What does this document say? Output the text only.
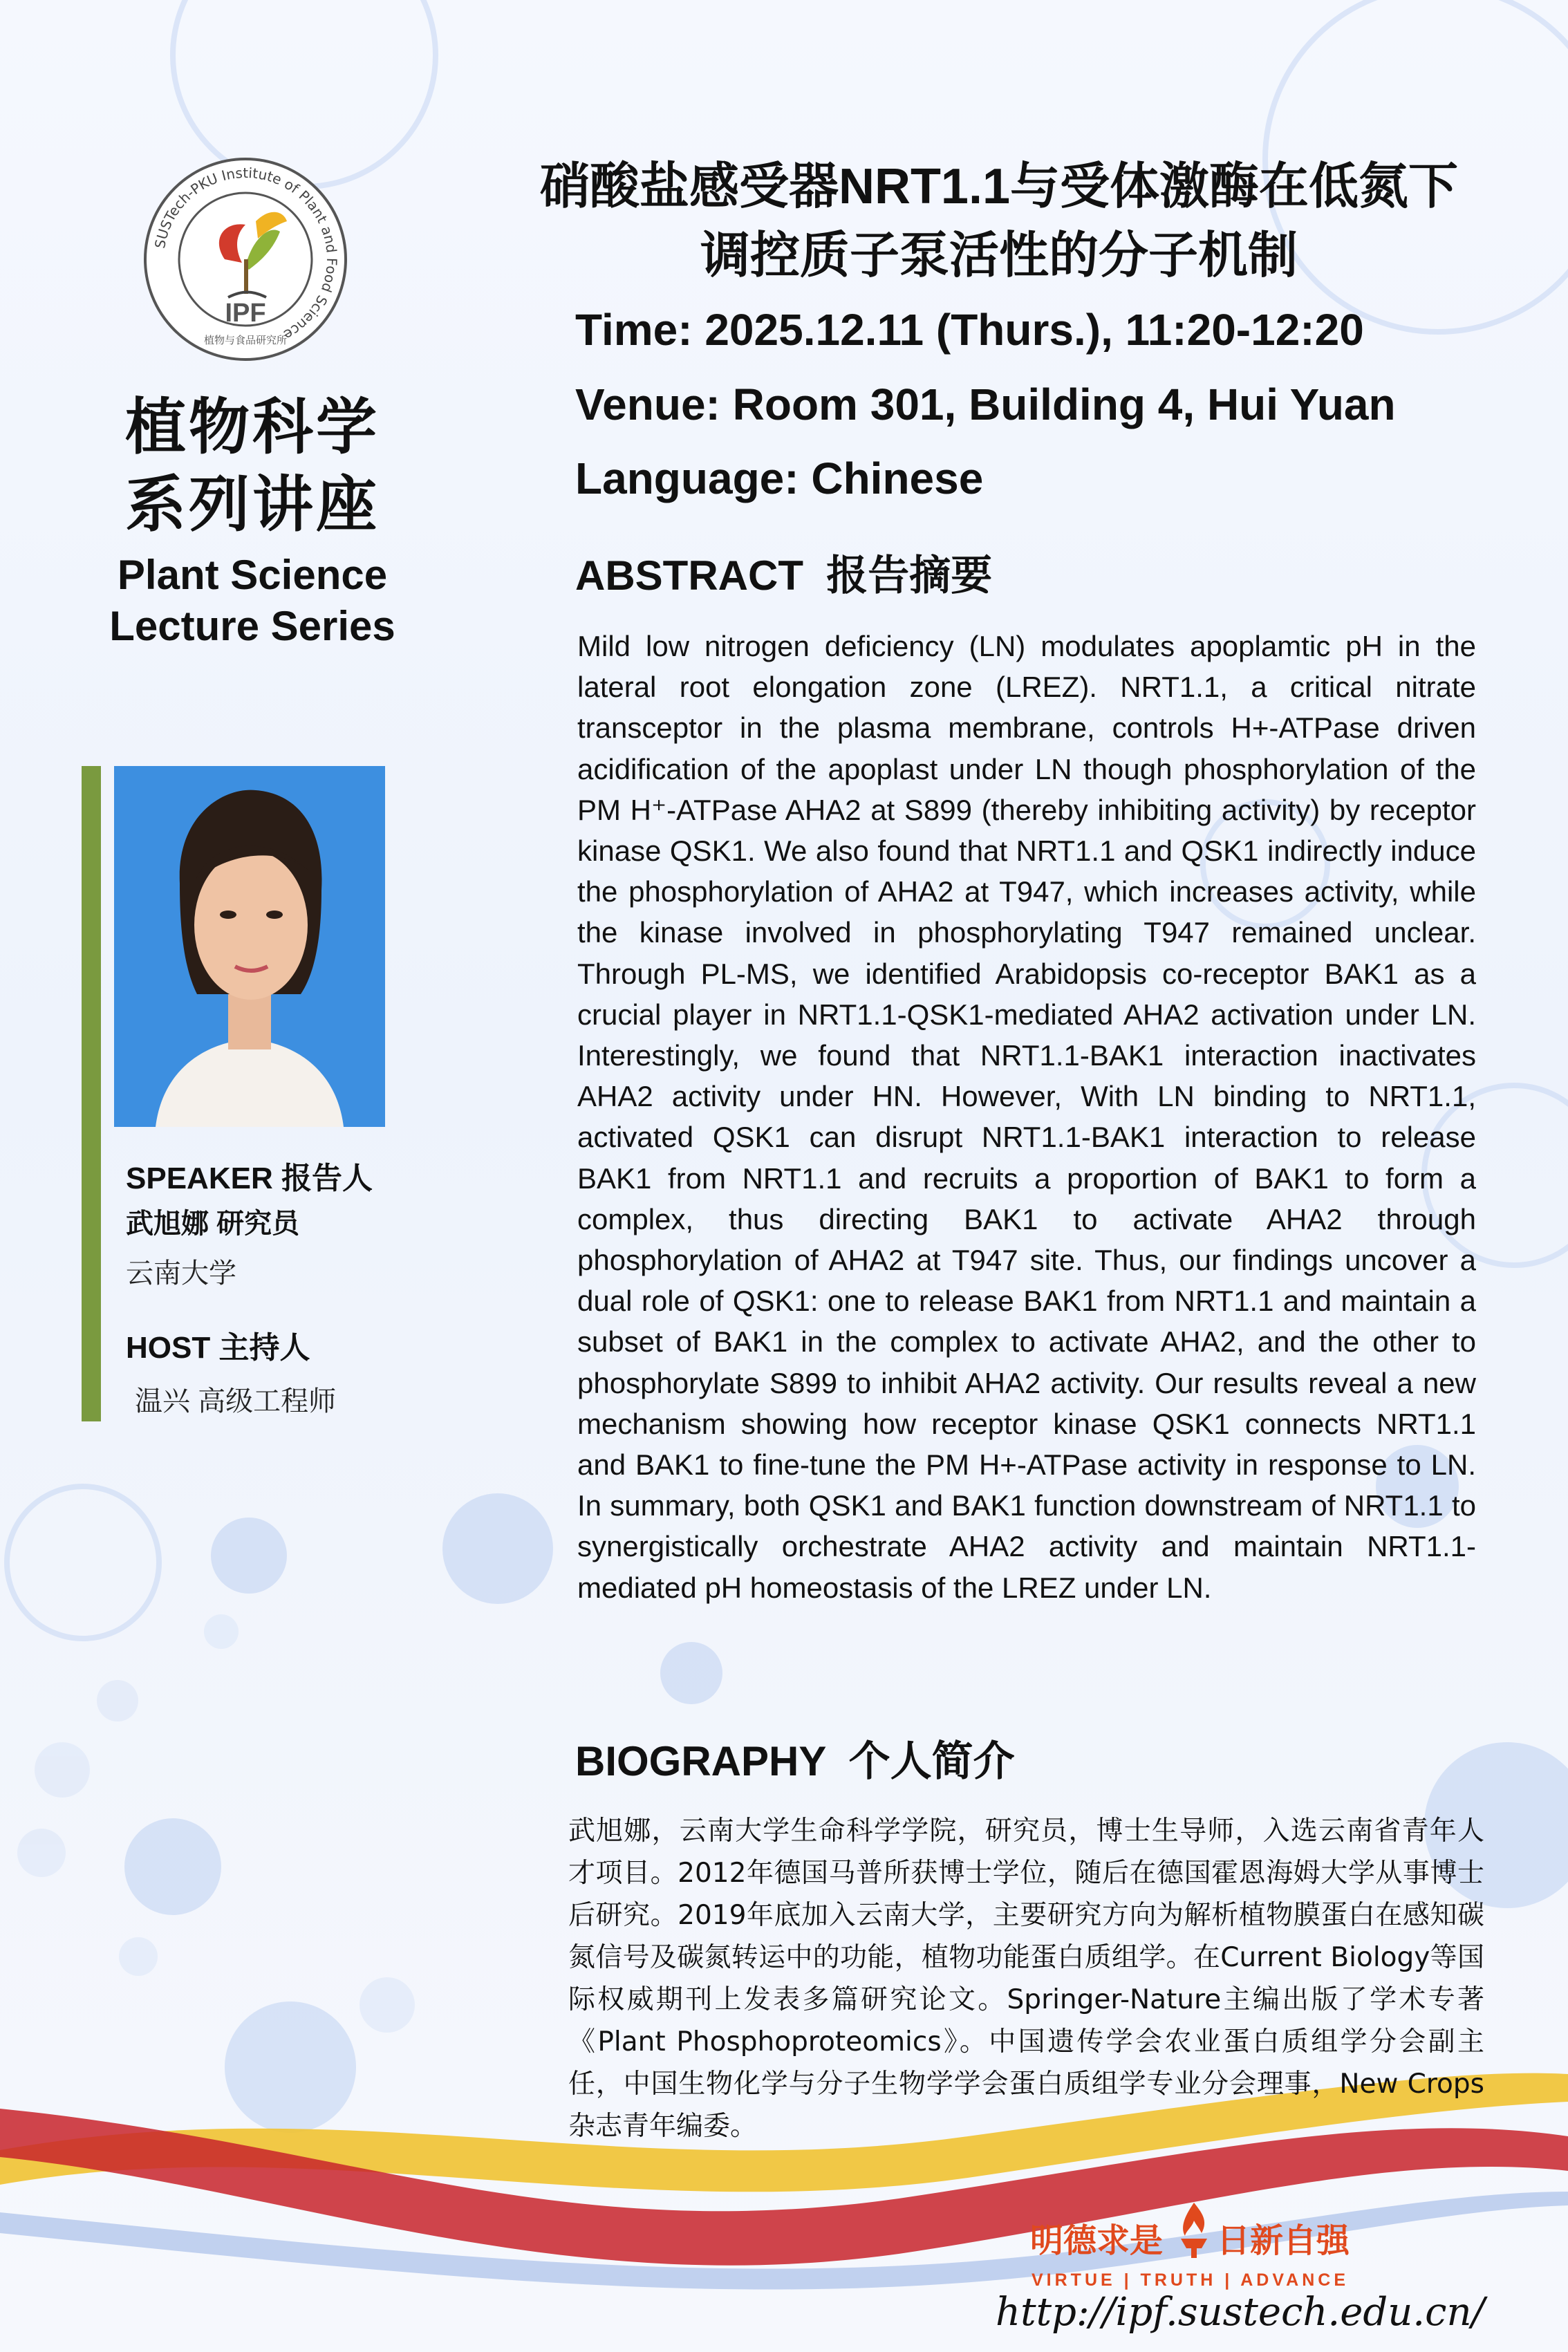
SUSTech-PKU Institute of Plant and Food Science
IPF
植物与食品研究所
植物科学
系列讲座
Plant Science
Lecture Series
SPEAKER 报告人
武旭娜 研究员
云南大学
HOST 主持人
温兴 高级工程师
硝酸盐感受器NRT1.1与受体激酶在低氮下
调控质子泵活性的分子机制
Time: 2025.12.11 (Thurs.), 11:20-12:20
Venue: Room 301, Building 4, Hui Yuan
Language: Chinese
ABSTRACT  报告摘要
Mild low nitrogen deficiency (LN) modulates apoplamtic pH in the lateral root elongation zone (LREZ). NRT1.1, a critical nitrate transceptor in the plasma membrane, controls H+-ATPase driven acidification of the apoplast under LN though phosphorylation of the PM H⁺-ATPase AHA2 at S899 (thereby inhibiting activity) by receptor kinase QSK1. We also found that NRT1.1 and QSK1 indirectly induce the phosphorylation of AHA2 at T947, which increases activity, while the kinase involved in phosphorylating T947 remained unclear. Through PL-MS, we identified Arabidopsis co-receptor BAK1 as a crucial player in NRT1.1-QSK1-mediated AHA2 activation under LN. Interestingly, we found that NRT1.1-BAK1 interaction inactivates AHA2 activity under HN. However, With LN binding to NRT1.1, activated QSK1 can disrupt NRT1.1-BAK1 interaction to release BAK1 from NRT1.1 and recruits a proportion of BAK1 to form a complex, thus directing BAK1 to activate AHA2 through phosphorylation of AHA2 at T947 site. Thus, our findings uncover a dual role of QSK1: one to release BAK1 from NRT1.1 and maintain a subset of BAK1 in the complex to activate AHA2, and the other to phosphorylate S899 to inhibit AHA2 activity. Our results reveal a new mechanism showing how receptor kinase QSK1 connects NRT1.1 and BAK1 to fine-tune the PM H+-ATPase activity in response to LN. In summary, both QSK1 and BAK1 function downstream of NRT1.1 to synergistically orchestrate AHA2 activity and maintain NRT1.1-mediated pH homeostasis of the LREZ under LN.
BIOGRAPHY  个人简介
武旭娜，云南大学生命科学学院，研究员，博士生导师，入选云南省青年人才项目。2012年德国马普所获博士学位，随后在德国霍恩海姆大学从事博士后研究。2019年底加入云南大学，主要研究方向为解析植物膜蛋白在感知碳氮信号及碳氮转运中的功能，植物功能蛋白质组学。在Current Biology等国际权威期刊上发表多篇研究论文。Springer-Nature主编出版了学术专著《Plant Phosphoproteomics》。中国遗传学会农业蛋白质组学分会副主任，中国生物化学与分子生物学学会蛋白质组学专业分会理事，New Crops杂志青年编委。
明德求是 日新自强
VIRTUE | TRUTH | ADVANCE
http://ipf.sustech.edu.cn/
